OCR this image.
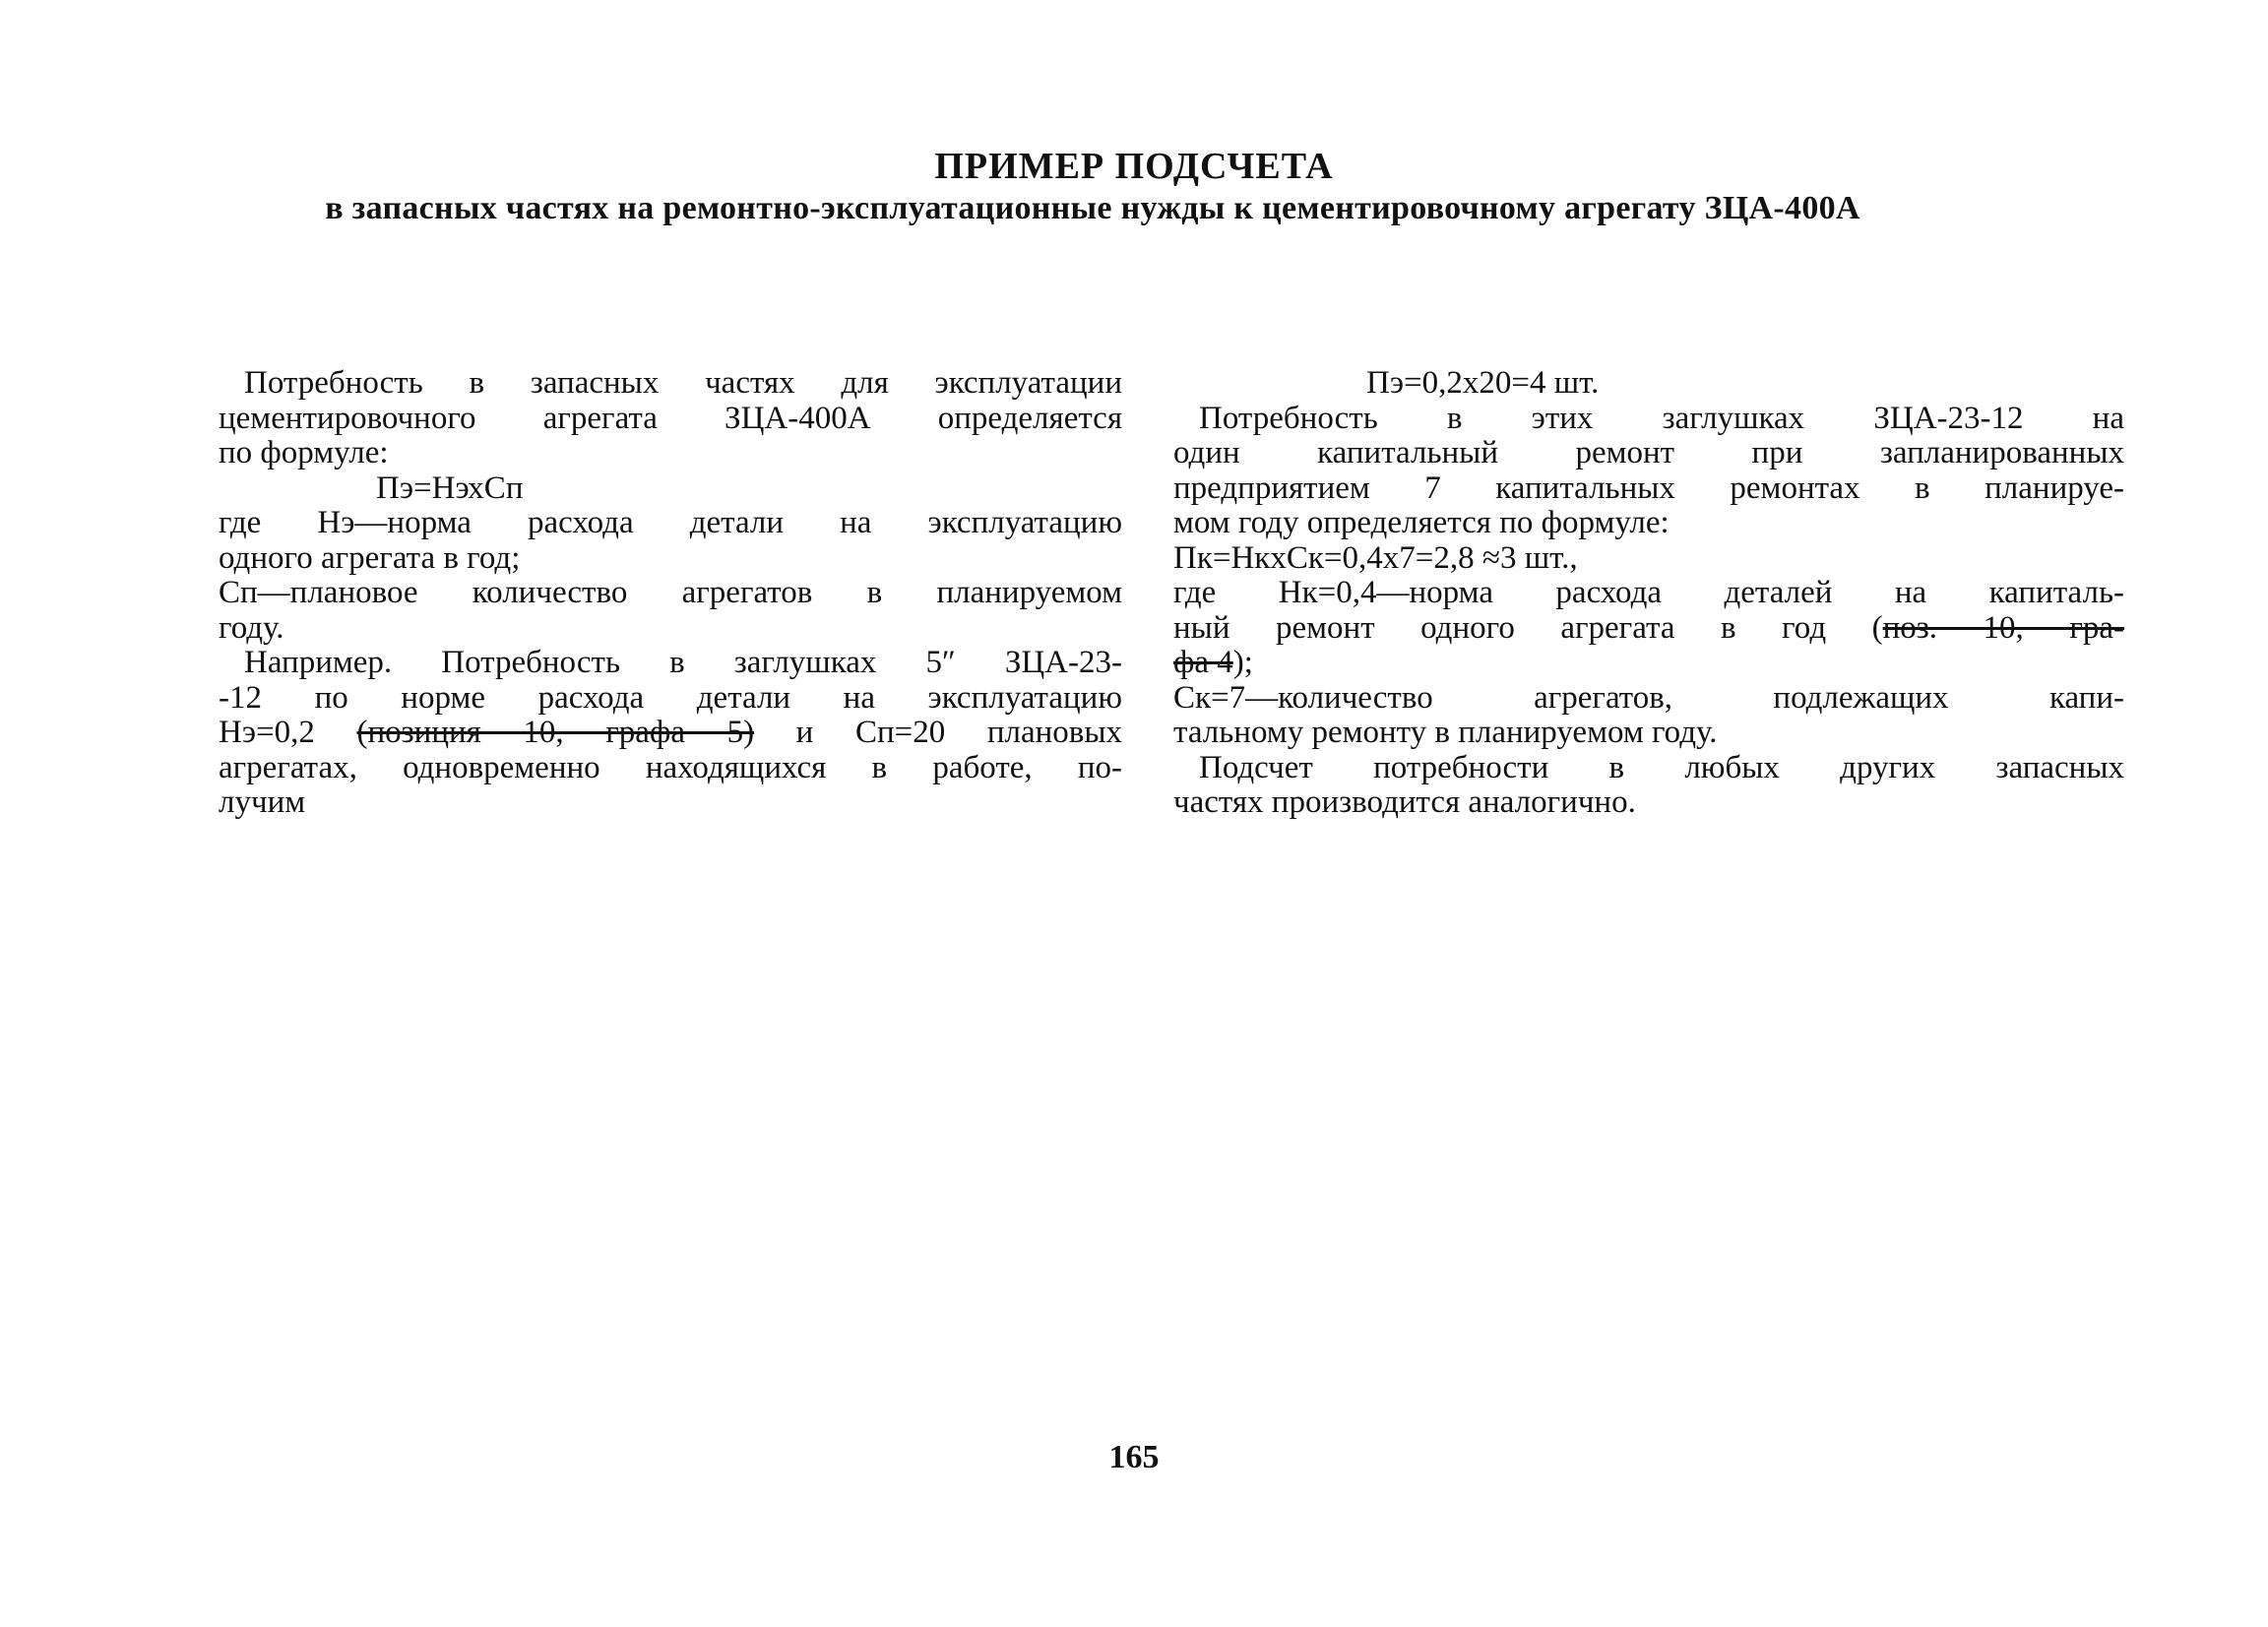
ПРИМЕР ПОДСЧЕТА
в запасных частях на ремонтно-эксплуатационные нужды к цементировочному агрегату ЗЦА-400А
Потребность в запасных частях для эксплуатации
цементировочного агрегата ЗЦА-400А определяется
по формуле:
Пэ=НэхСп
где Нэ—норма расхода детали на эксплуатацию
одного агрегата в год;
Сп—плановое количество агрегатов в планируемом
году.
Например. Потребность в заглушках 5″ ЗЦА-23-
-12 по норме расхода детали на эксплуатацию
Нэ=0,2 (позиция 10, графа 5) и Сп=20 плановых
агрегатах, одновременно находящихся в работе, по-
лучим
Пэ=0,2х20=4 шт.
Потребность в этих заглушках ЗЦА-23-12 на
один капитальный ремонт при запланированных
предприятием 7 капитальных ремонтах в планируе-
мом году определяется по формуле:
Пк=НкхСк=0,4х7=2,8 ≈3 шт.,
где Нк=0,4—норма расхода деталей на капиталь-
ный ремонт одного агрегата в год (поз. 10, гра-
фа 4);
Ск=7—количество агрегатов, подлежащих капи-
тальному ремонту в планируемом году.
Подсчет потребности в любых других запасных
частях производится аналогично.
165
